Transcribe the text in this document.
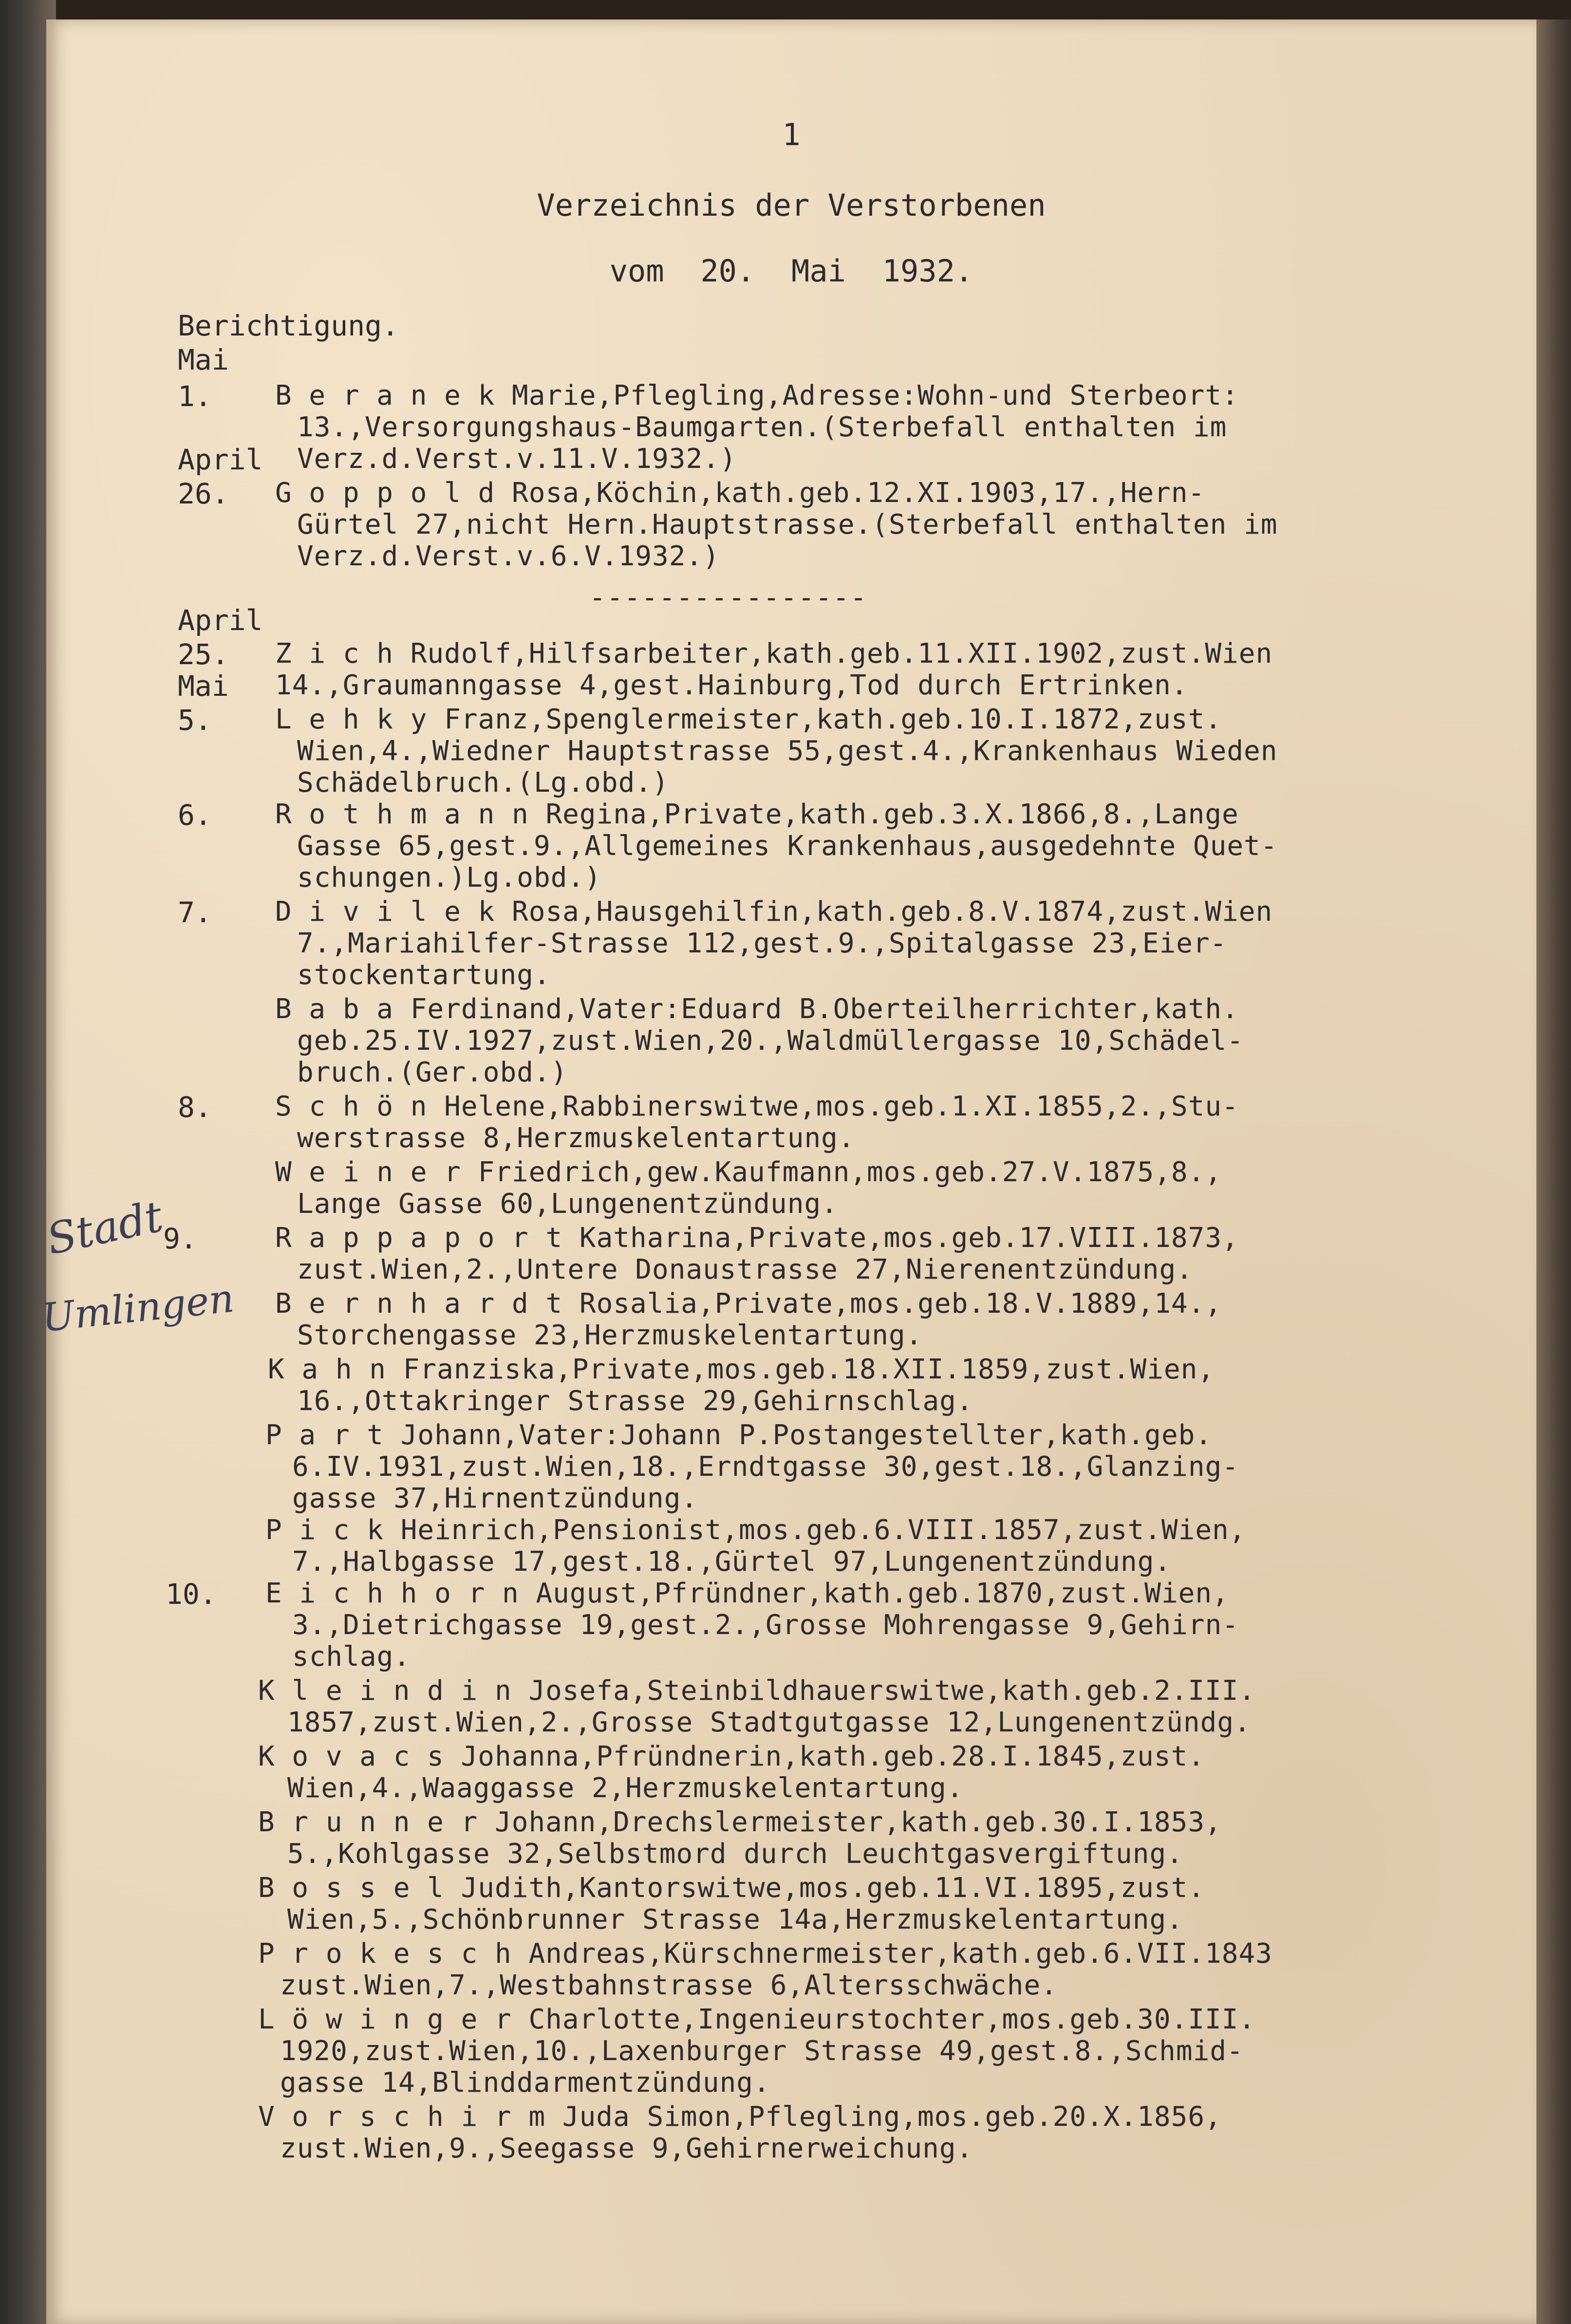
1
Verzeichnis der Verstorbenen
vom  20.  Mai  1932.
Berichtigung.
Mai
1. B e r a n e k Marie,Pflegling,Adresse:Wohn-und Sterbeort:
13.,Versorgungshaus-Baumgarten.(Sterbefall enthalten im
April Verz.d.Verst.v.11.V.1932.)
26. G o p p o l d Rosa,Köchin,kath.geb.12.XI.1903,17.,Hern-
Gürtel 27,nicht Hern.Hauptstrasse.(Sterbefall enthalten im
Verz.d.Verst.v.6.V.1932.)
----------------
April
25.
Mai
5.
6.
7.
8.
9.
10.
Z i c h Rudolf,Hilfsarbeiter,kath.geb.11.XII.1902,zust.Wien
14.,Graumanngasse 4,gest.Hainburg,Tod durch Ertrinken.
L e h k y Franz,Spenglermeister,kath.geb.10.I.1872,zust.
Wien,4.,Wiedner Hauptstrasse 55,gest.4.,Krankenhaus Wieden
Schädelbruch.(Lg.obd.)
R o t h m a n n Regina,Private,kath.geb.3.X.1866,8.,Lange
Gasse 65,gest.9.,Allgemeines Krankenhaus,ausgedehnte Quet-
schungen.)Lg.obd.)
D i v i l e k Rosa,Hausgehilfin,kath.geb.8.V.1874,zust.Wien
7.,Mariahilfer-Strasse 112,gest.9.,Spitalgasse 23,Eier-
stockentartung.
B a b a Ferdinand,Vater:Eduard B.Oberteilherrichter,kath.
geb.25.IV.1927,zust.Wien,20.,Waldmüllergasse 10,Schädel-
bruch.(Ger.obd.)
S c h ö n Helene,Rabbinerswitwe,mos.geb.1.XI.1855,2.,Stu-
werstrasse 8,Herzmuskelentartung.
W e i n e r Friedrich,gew.Kaufmann,mos.geb.27.V.1875,8.,
Lange Gasse 60,Lungenentzündung.
R a p p a p o r t Katharina,Private,mos.geb.17.VIII.1873,
zust.Wien,2.,Untere Donaustrasse 27,Nierenentzündung.
B e r n h a r d t Rosalia,Private,mos.geb.18.V.1889,14.,
Storchengasse 23,Herzmuskelentartung.
K a h n Franziska,Private,mos.geb.18.XII.1859,zust.Wien,
16.,Ottakringer Strasse 29,Gehirnschlag.
P a r t Johann,Vater:Johann P.Postangestellter,kath.geb.
6.IV.1931,zust.Wien,18.,Erndtgasse 30,gest.18.,Glanzing-
gasse 37,Hirnentzündung.
P i c k Heinrich,Pensionist,mos.geb.6.VIII.1857,zust.Wien,
7.,Halbgasse 17,gest.18.,Gürtel 97,Lungenentzündung.
E i c h h o r n August,Pfründner,kath.geb.1870,zust.Wien,
3.,Dietrichgasse 19,gest.2.,Grosse Mohrengasse 9,Gehirn-
schlag.
K l e i n d i n Josefa,Steinbildhauerswitwe,kath.geb.2.III.
1857,zust.Wien,2.,Grosse Stadtgutgasse 12,Lungenentzündg.
K o v a c s Johanna,Pfründnerin,kath.geb.28.I.1845,zust.
Wien,4.,Waaggasse 2,Herzmuskelentartung.
B r u n n e r Johann,Drechslermeister,kath.geb.30.I.1853,
5.,Kohlgasse 32,Selbstmord durch Leuchtgasvergiftung.
B o s s e l Judith,Kantorswitwe,mos.geb.11.VI.1895,zust.
Wien,5.,Schönbrunner Strasse 14a,Herzmuskelentartung.
P r o k e s c h Andreas,Kürschnermeister,kath.geb.6.VII.1843
zust.Wien,7.,Westbahnstrasse 6,Altersschwäche.
L ö w i n g e r Charlotte,Ingenieurstochter,mos.geb.30.III.
1920,zust.Wien,10.,Laxenburger Strasse 49,gest.8.,Schmid-
gasse 14,Blinddarmentzündung.
V o r s c h i r m Juda Simon,Pflegling,mos.geb.20.X.1856,
zust.Wien,9.,Seegasse 9,Gehirnerweichung.
Stadt
Umlingen
